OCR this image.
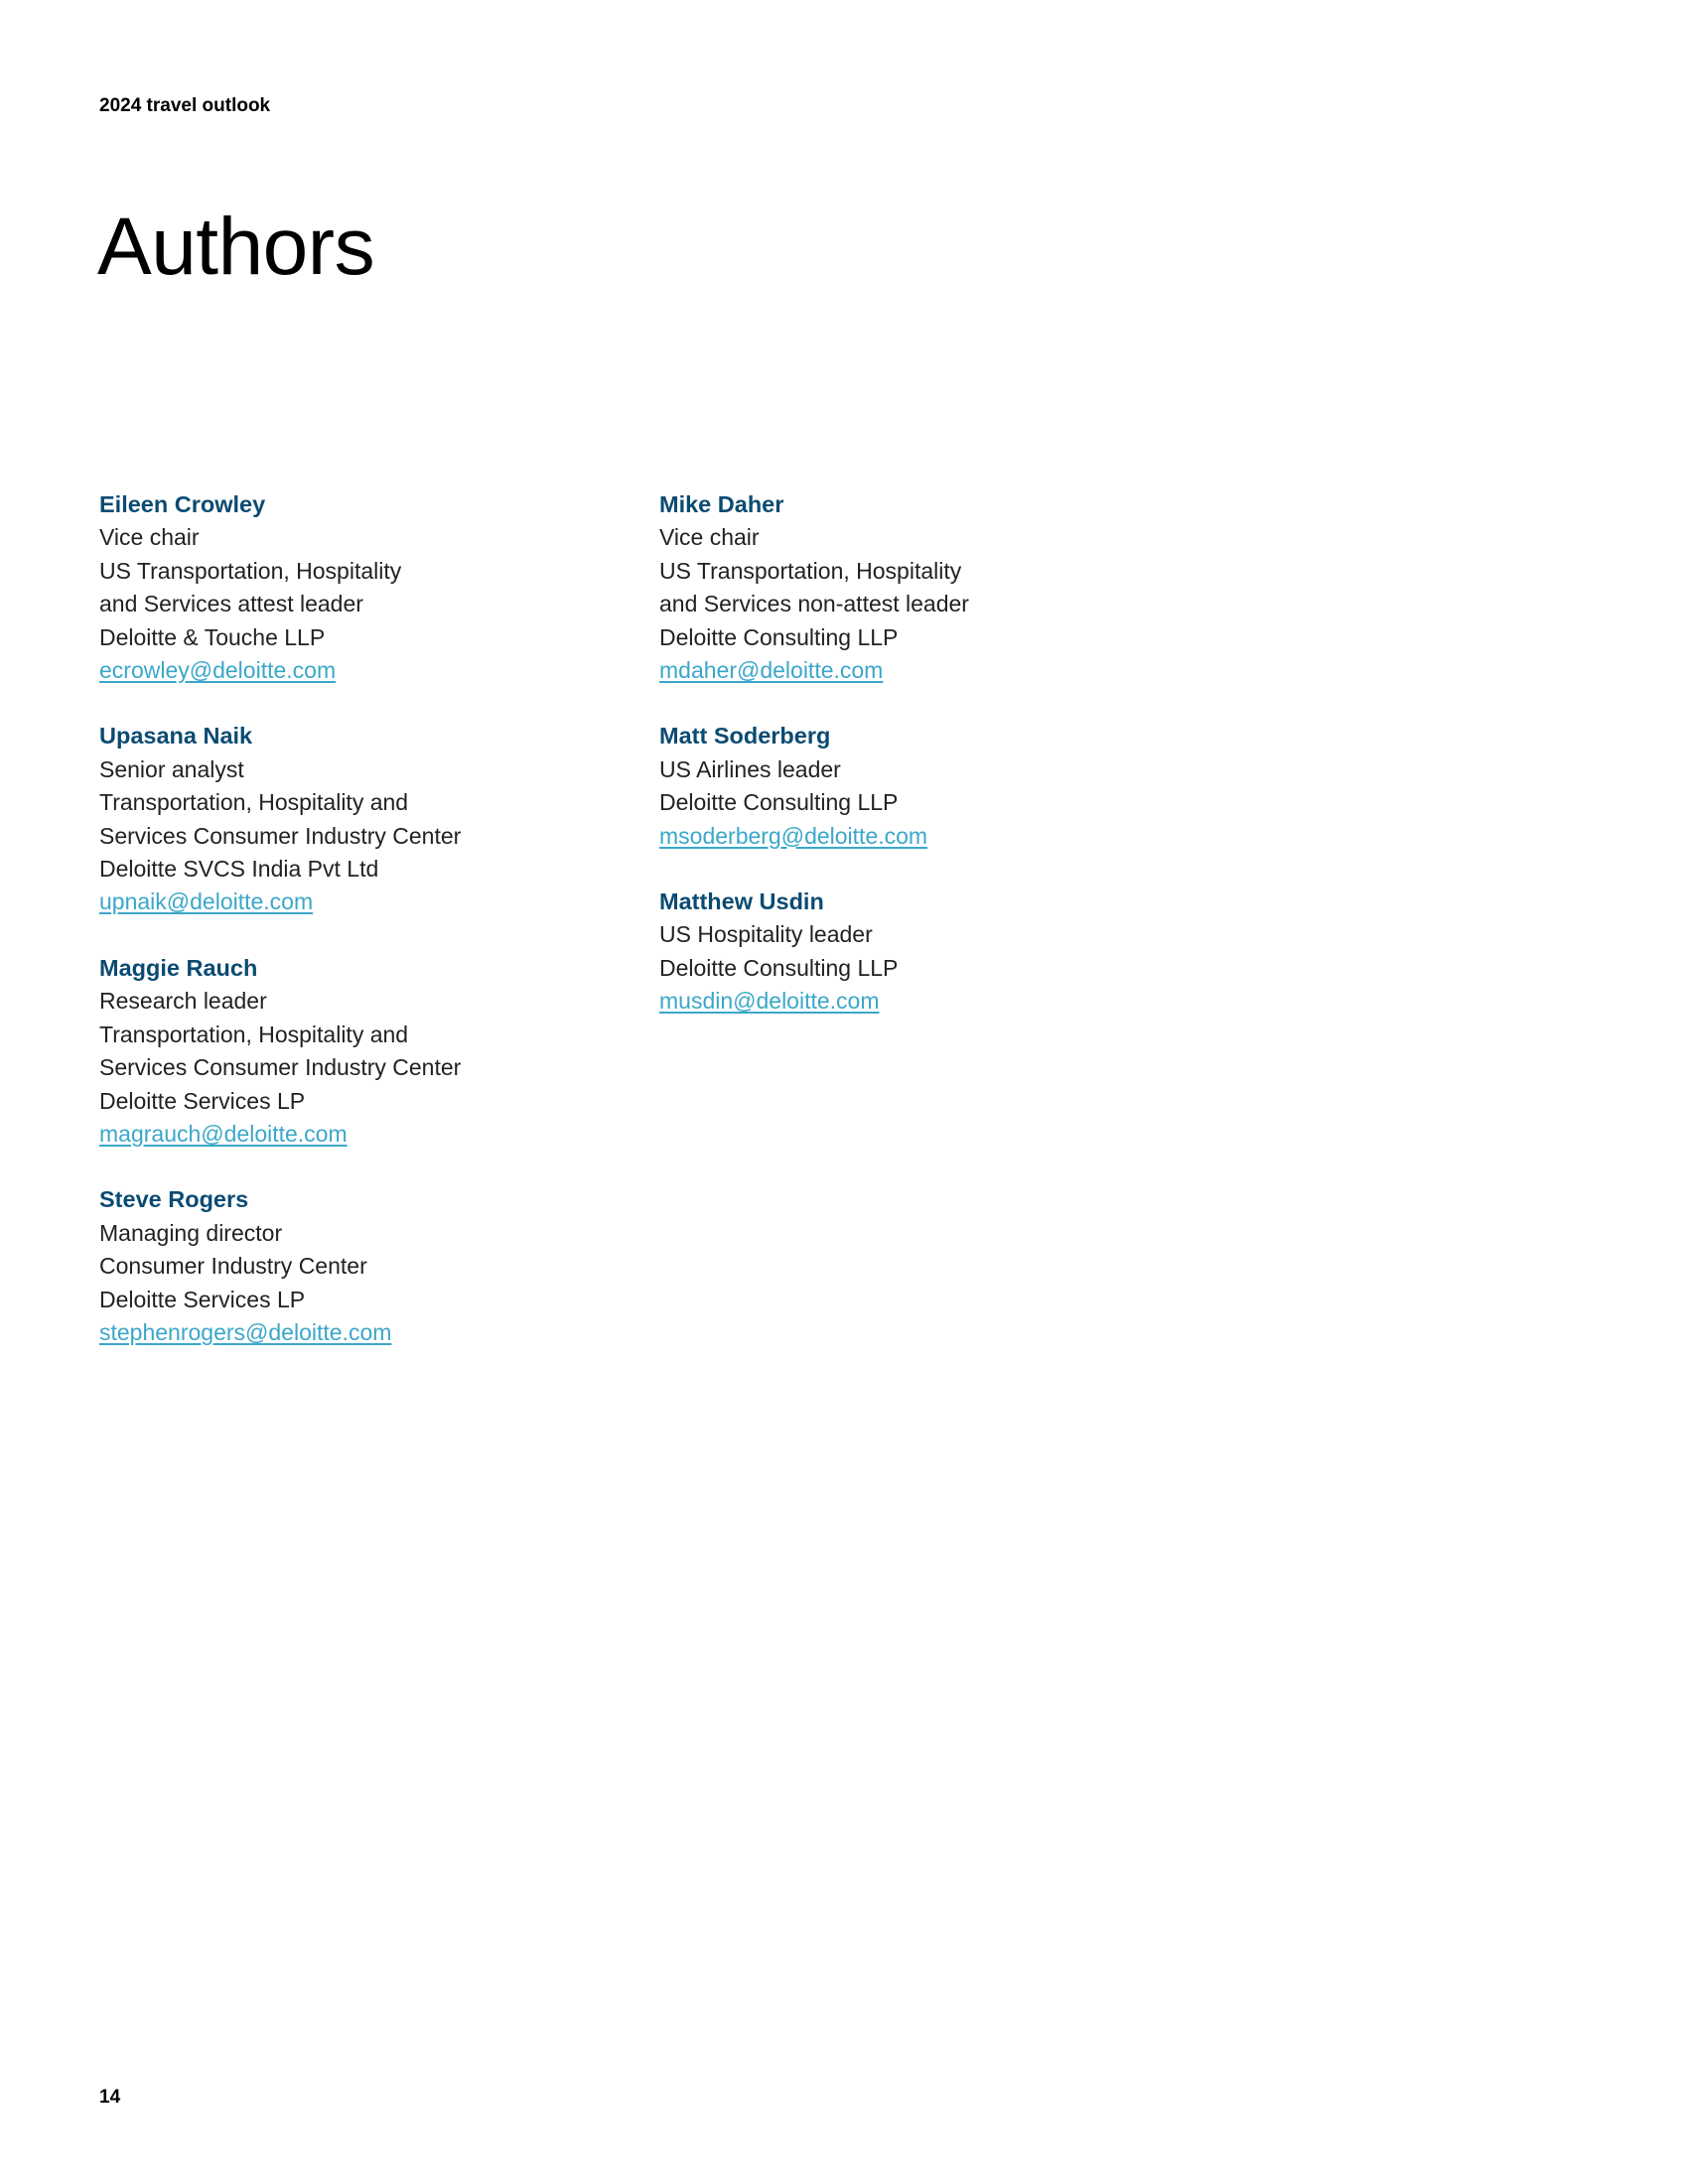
2024 travel outlook
Authors
Eileen Crowley
Vice chair
US Transportation, Hospitality
and Services attest leader
Deloitte & Touche LLP
ecrowley@deloitte.com
Upasana Naik
Senior analyst
Transportation, Hospitality and
Services Consumer Industry Center
Deloitte SVCS India Pvt Ltd
upnaik@deloitte.com
Maggie Rauch
Research leader
Transportation, Hospitality and
Services Consumer Industry Center
Deloitte Services LP
magrauch@deloitte.com
Steve Rogers
Managing director
Consumer Industry Center
Deloitte Services LP
stephenrogers@deloitte.com
Mike Daher
Vice chair
US Transportation, Hospitality
and Services non-attest leader
Deloitte Consulting LLP
mdaher@deloitte.com
Matt Soderberg
US Airlines leader
Deloitte Consulting LLP
msoderberg@deloitte.com
Matthew Usdin
US Hospitality leader
Deloitte Consulting LLP
musdin@deloitte.com
14
